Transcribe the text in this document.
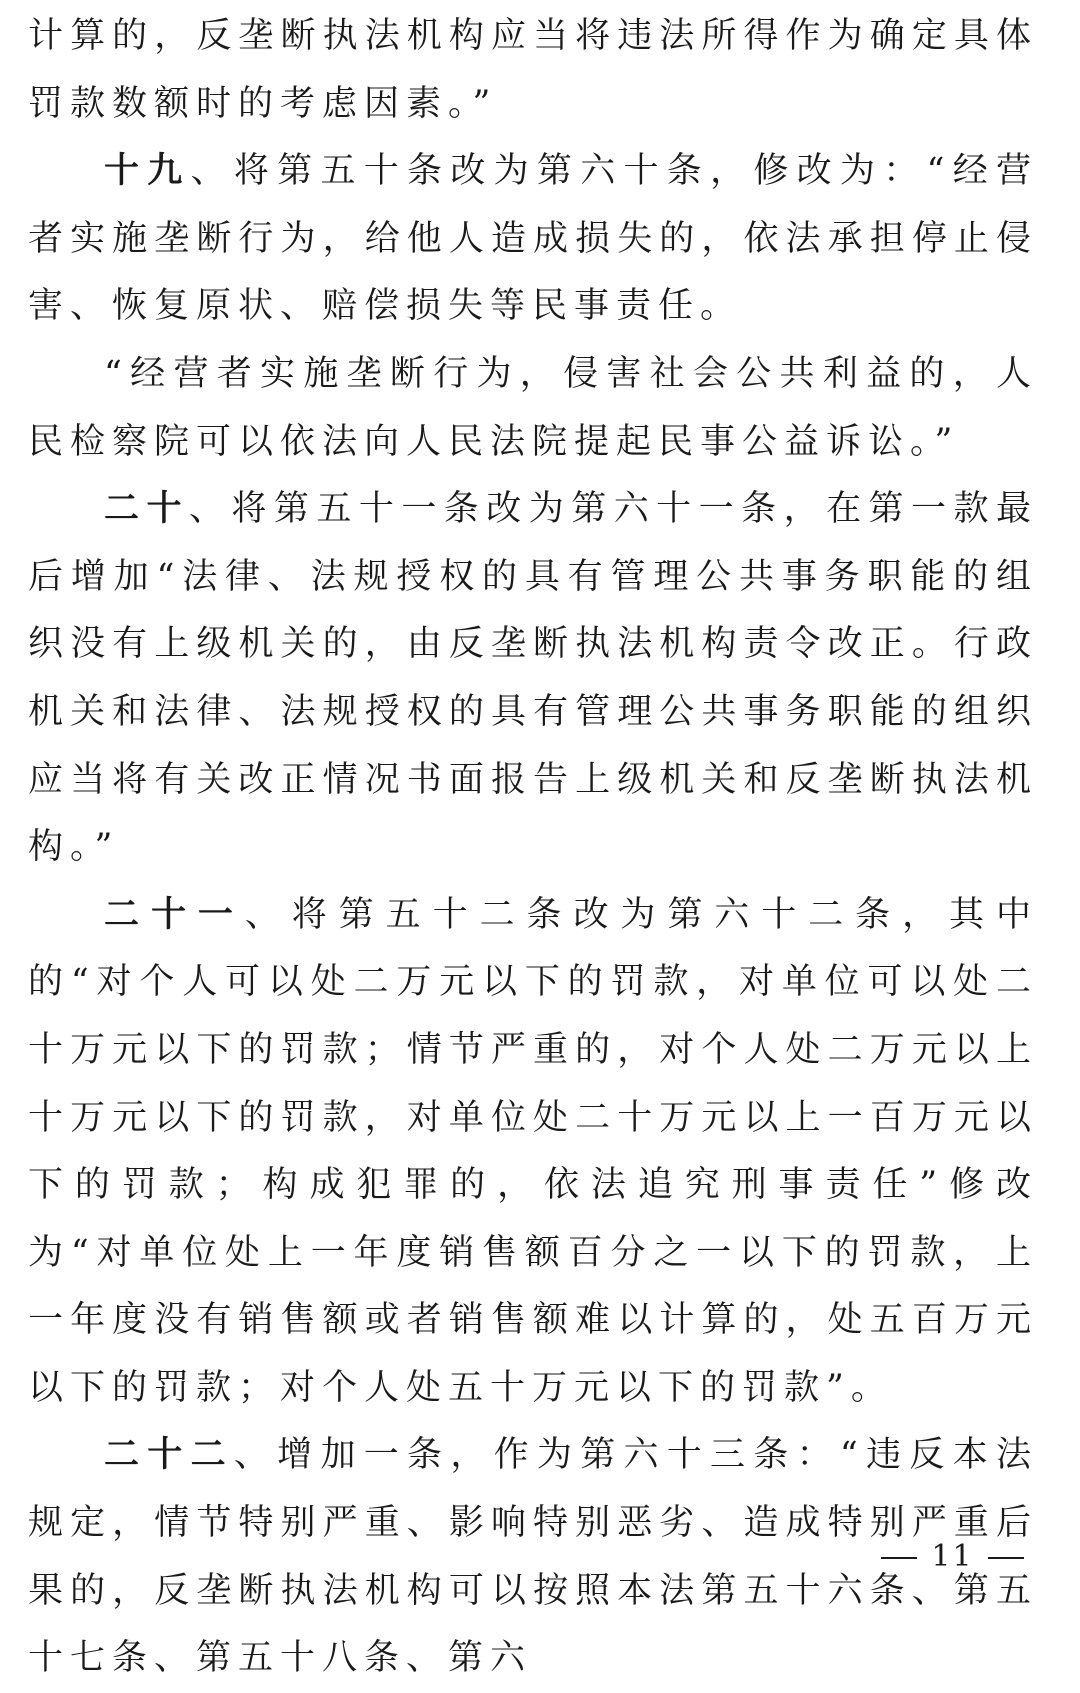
计算的，反垄断执法机构应当将违法所得作为确定具体罚款数额时的考虑因素。”

十九、将第五十条改为第六十条，修改为：“经营者实施垄断行为，给他人造成损失的，依法承担停止侵害、恢复原状、赔偿损失等民事责任。

“经营者实施垄断行为，侵害社会公共利益的，人民检察院可以依法向人民法院提起民事公益诉讼。”

二十、将第五十一条改为第六十一条，在第一款最后增加“法律、法规授权的具有管理公共事务职能的组织没有上级机关的，由反垄断执法机构责令改正。行政机关和法律、法规授权的具有管理公共事务职能的组织应当将有关改正情况书面报告上级机关和反垄断执法机构。”

二十一、将第五十二条改为第六十二条，其中的“对个人可以处二万元以下的罚款，对单位可以处二十万元以下的罚款；情节严重的，对个人处二万元以上十万元以下的罚款，对单位处二十万元以上一百万元以下的罚款；构成犯罪的，依法追究刑事责任”修改为“对单位处上一年度销售额百分之一以下的罚款，上一年度没有销售额或者销售额难以计算的，处五百万元以下的罚款；对个人处五十万元以下的罚款”。

二十二、增加一条，作为第六十三条：“违反本法规定，情节特别严重、影响特别恶劣、造成特别严重后果的，反垄断执法机构可以按照本法第五十六条、第五十七条、第五十八条、第六

11
